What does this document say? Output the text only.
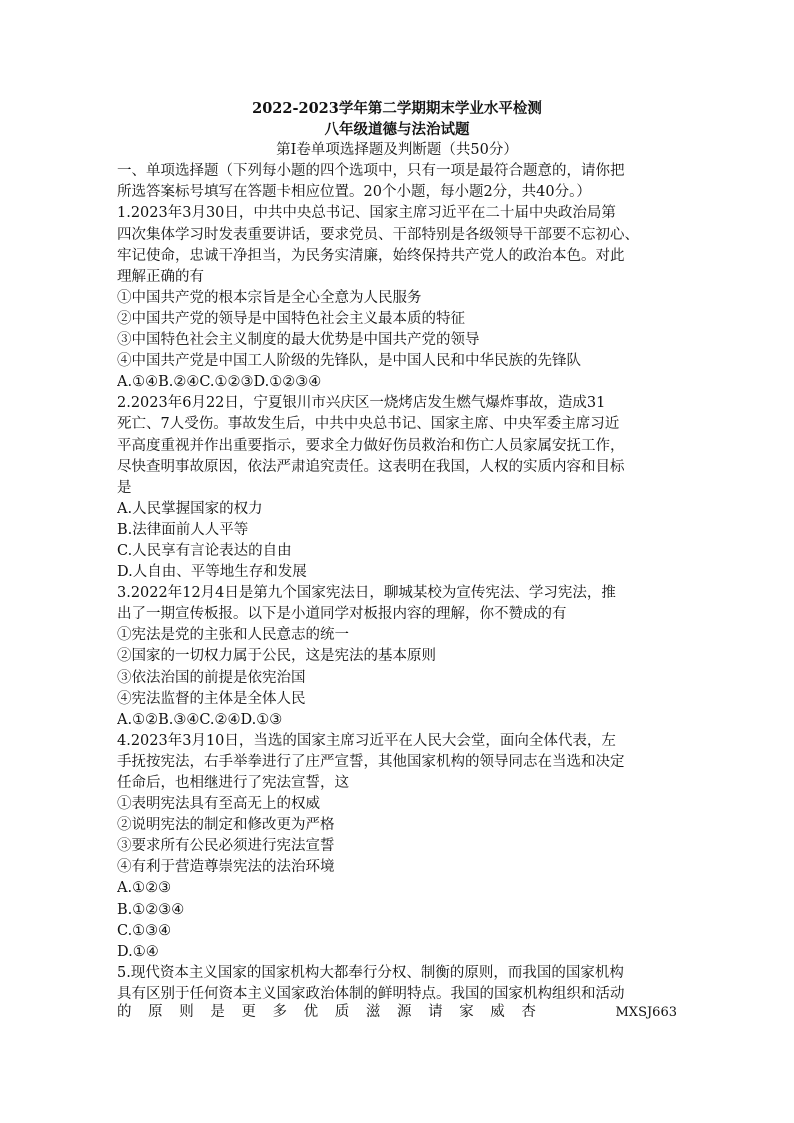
2022-2023学年第二学期期末学业水平检测
八年级道德与法治试题
第Ⅰ卷单项选择题及判断题（共50分）
一、单项选择题（下列每小题的四个选项中，只有一项是最符合题意的，请你把
所选答案标号填写在答题卡相应位置。20个小题，每小题2分，共40分。）
1.2023年3月30日，中共中央总书记、国家主席习近平在二十届中央政治局第
四次集体学习时发表重要讲话，要求党员、干部特别是各级领导干部要不忘初心、
牢记使命，忠诚干净担当，为民务实清廉，始终保持共产党人的政治本色。对此
理解正确的有
①中国共产党的根本宗旨是全心全意为人民服务
②中国共产党的领导是中国特色社会主义最本质的特征
③中国特色社会主义制度的最大优势是中国共产党的领导
④中国共产党是中国工人阶级的先锋队，是中国人民和中华民族的先锋队
A.①④B.②④C.①②③D.①②③④
2.2023年6月22日，宁夏银川市兴庆区一烧烤店发生燃气爆炸事故，造成31
死亡、7人受伤。事故发生后，中共中央总书记、国家主席、中央军委主席习近
平高度重视并作出重要指示，要求全力做好伤员救治和伤亡人员家属安抚工作，
尽快查明事故原因，依法严肃追究责任。这表明在我国，人权的实质内容和目标
是
A.人民掌握国家的权力
B.法律面前人人平等
C.人民享有言论表达的自由
D.人自由、平等地生存和发展
3.2022年12月4日是第九个国家宪法日，聊城某校为宣传宪法、学习宪法，推
出了一期宣传板报。以下是小道同学对板报内容的理解，你不赞成的有
①宪法是党的主张和人民意志的统一
②国家的一切权力属于公民，这是宪法的基本原则
③依法治国的前提是依宪治国
④宪法监督的主体是全体人民
A.①②B.③④C.②④D.①③
4.2023年3月10日，当选的国家主席习近平在人民大会堂，面向全体代表，左
手抚按宪法，右手举拳进行了庄严宣誓，其他国家机构的领导同志在当选和决定
任命后，也相继进行了宪法宣誓，这
①表明宪法具有至高无上的权威
②说明宪法的制定和修改更为严格
③要求所有公民必须进行宪法宣誓
④有利于营造尊崇宪法的法治环境
A.①②③
B.①②③④
C.①③④
D.①④
5.现代资本主义国家的国家机构大都奉行分权、制衡的原则，而我国的国家机构
具有区别于任何资本主义国家政治体制的鲜明特点。我国的国家机构组织和活动
的 原 则 是 更 多 优 质 滋 源 请 家 威 杏	MXSJ663
